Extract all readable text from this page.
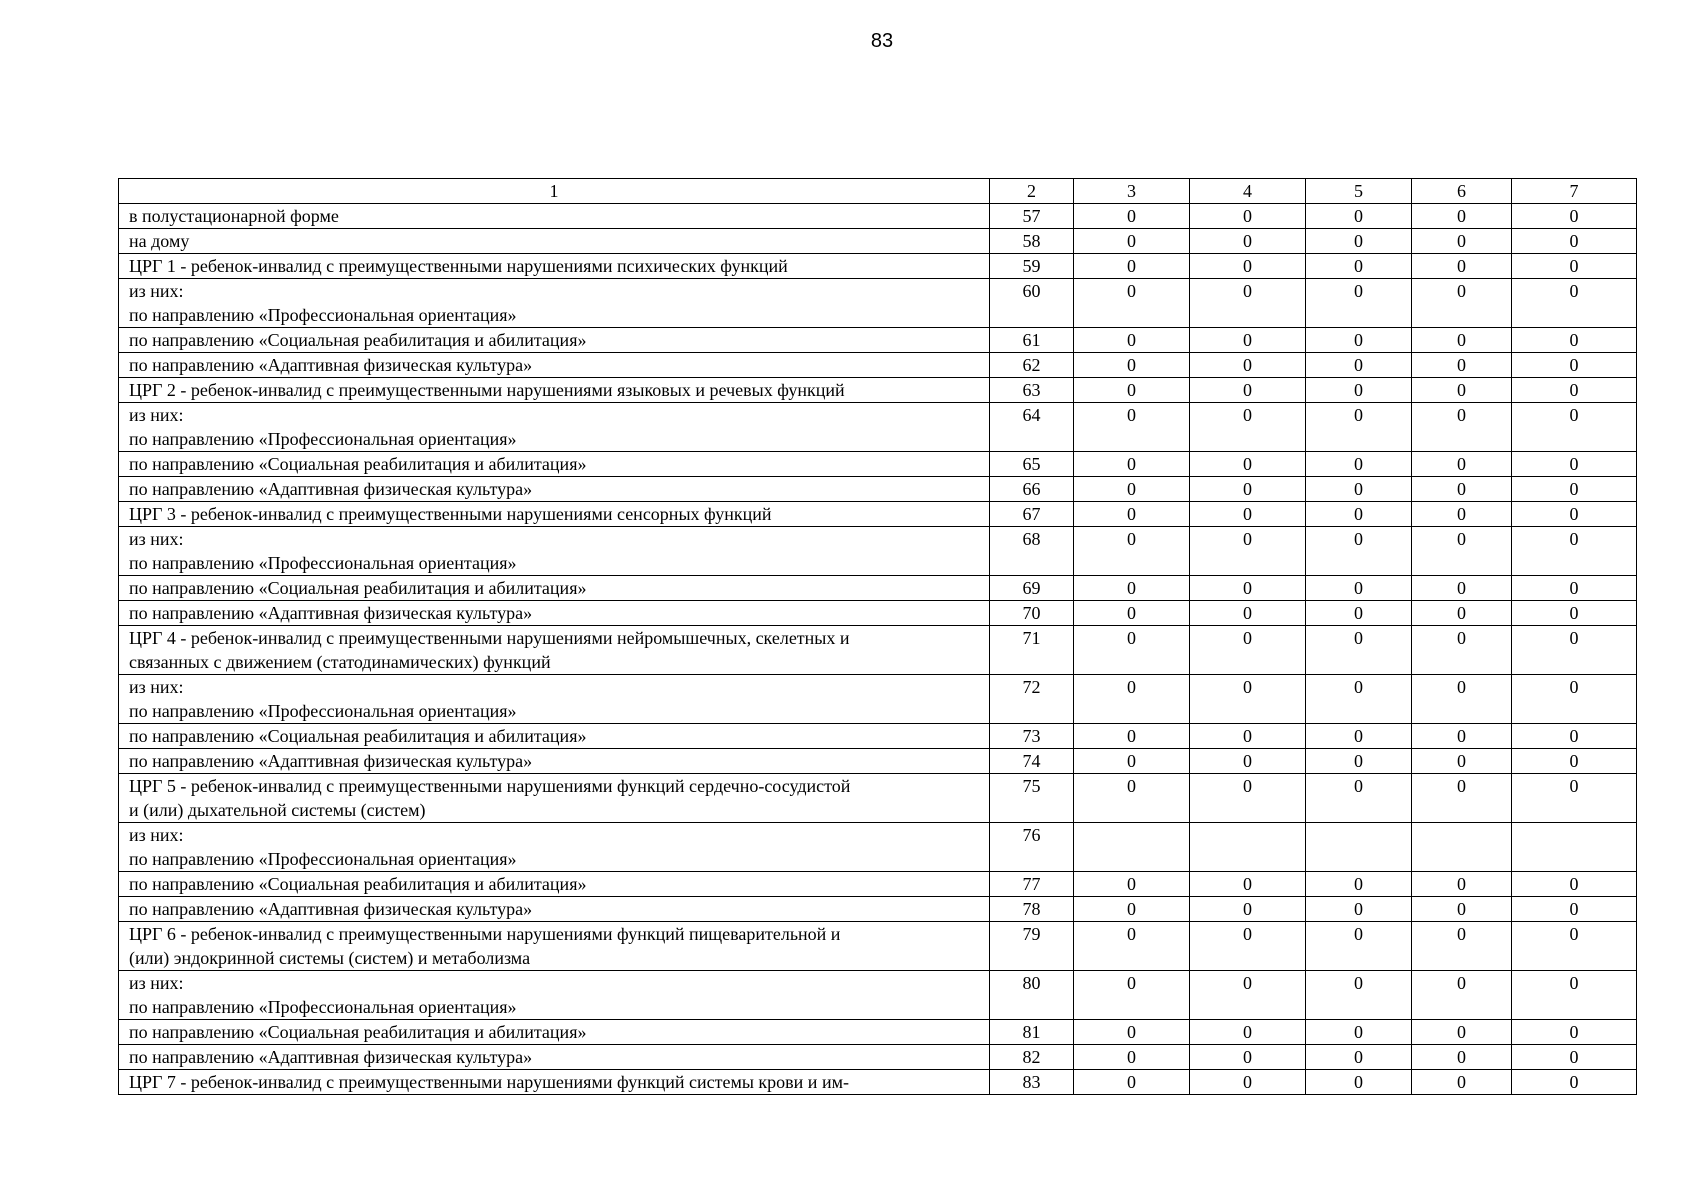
83
1	2	3	4	5	6	7

в полустационарной форме	57	0	0	0	0	0

на дому	58	0	0	0	0	0

ЦРГ 1 - ребенок-инвалид с преимущественными нарушениями психических функций	59	0	0	0	0	0

из них:
по направлению «Профессиональная ориентация»	60	0	0	0	0	0

по направлению «Социальная реабилитация и абилитация»	61	0	0	0	0	0

по направлению «Адаптивная физическая культура»	62	0	0	0	0	0

ЦРГ 2 - ребенок-инвалид с преимущественными нарушениями языковых и речевых функций	63	0	0	0	0	0

из них:
по направлению «Профессиональная ориентация»	64	0	0	0	0	0

по направлению «Социальная реабилитация и абилитация»	65	0	0	0	0	0

по направлению «Адаптивная физическая культура»	66	0	0	0	0	0

ЦРГ 3 - ребенок-инвалид с преимущественными нарушениями сенсорных функций	67	0	0	0	0	0

из них:
по направлению «Профессиональная ориентация»	68	0	0	0	0	0

по направлению «Социальная реабилитация и абилитация»	69	0	0	0	0	0

по направлению «Адаптивная физическая культура»	70	0	0	0	0	0

ЦРГ 4 - ребенок-инвалид с преимущественными нарушениями нейромышечных, скелетных и
связанных с движением (статодинамических) функций	71	0	0	0	0	0

из них:
по направлению «Профессиональная ориентация»	72	0	0	0	0	0

по направлению «Социальная реабилитация и абилитация»	73	0	0	0	0	0

по направлению «Адаптивная физическая культура»	74	0	0	0	0	0

ЦРГ 5 - ребенок-инвалид с преимущественными нарушениями функций сердечно-сосудистой
и (или) дыхательной системы (систем)	75	0	0	0	0	0

из них:
по направлению «Профессиональная ориентация»	76					

по направлению «Социальная реабилитация и абилитация»	77	0	0	0	0	0

по направлению «Адаптивная физическая культура»	78	0	0	0	0	0

ЦРГ 6 - ребенок-инвалид с преимущественными нарушениями функций пищеварительной и
(или) эндокринной системы (систем) и метаболизма	79	0	0	0	0	0

из них:
по направлению «Профессиональная ориентация»	80	0	0	0	0	0

по направлению «Социальная реабилитация и абилитация»	81	0	0	0	0	0

по направлению «Адаптивная физическая культура»	82	0	0	0	0	0

ЦРГ 7 - ребенок-инвалид с преимущественными нарушениями функций системы крови и им-	83	0	0	0	0	0
